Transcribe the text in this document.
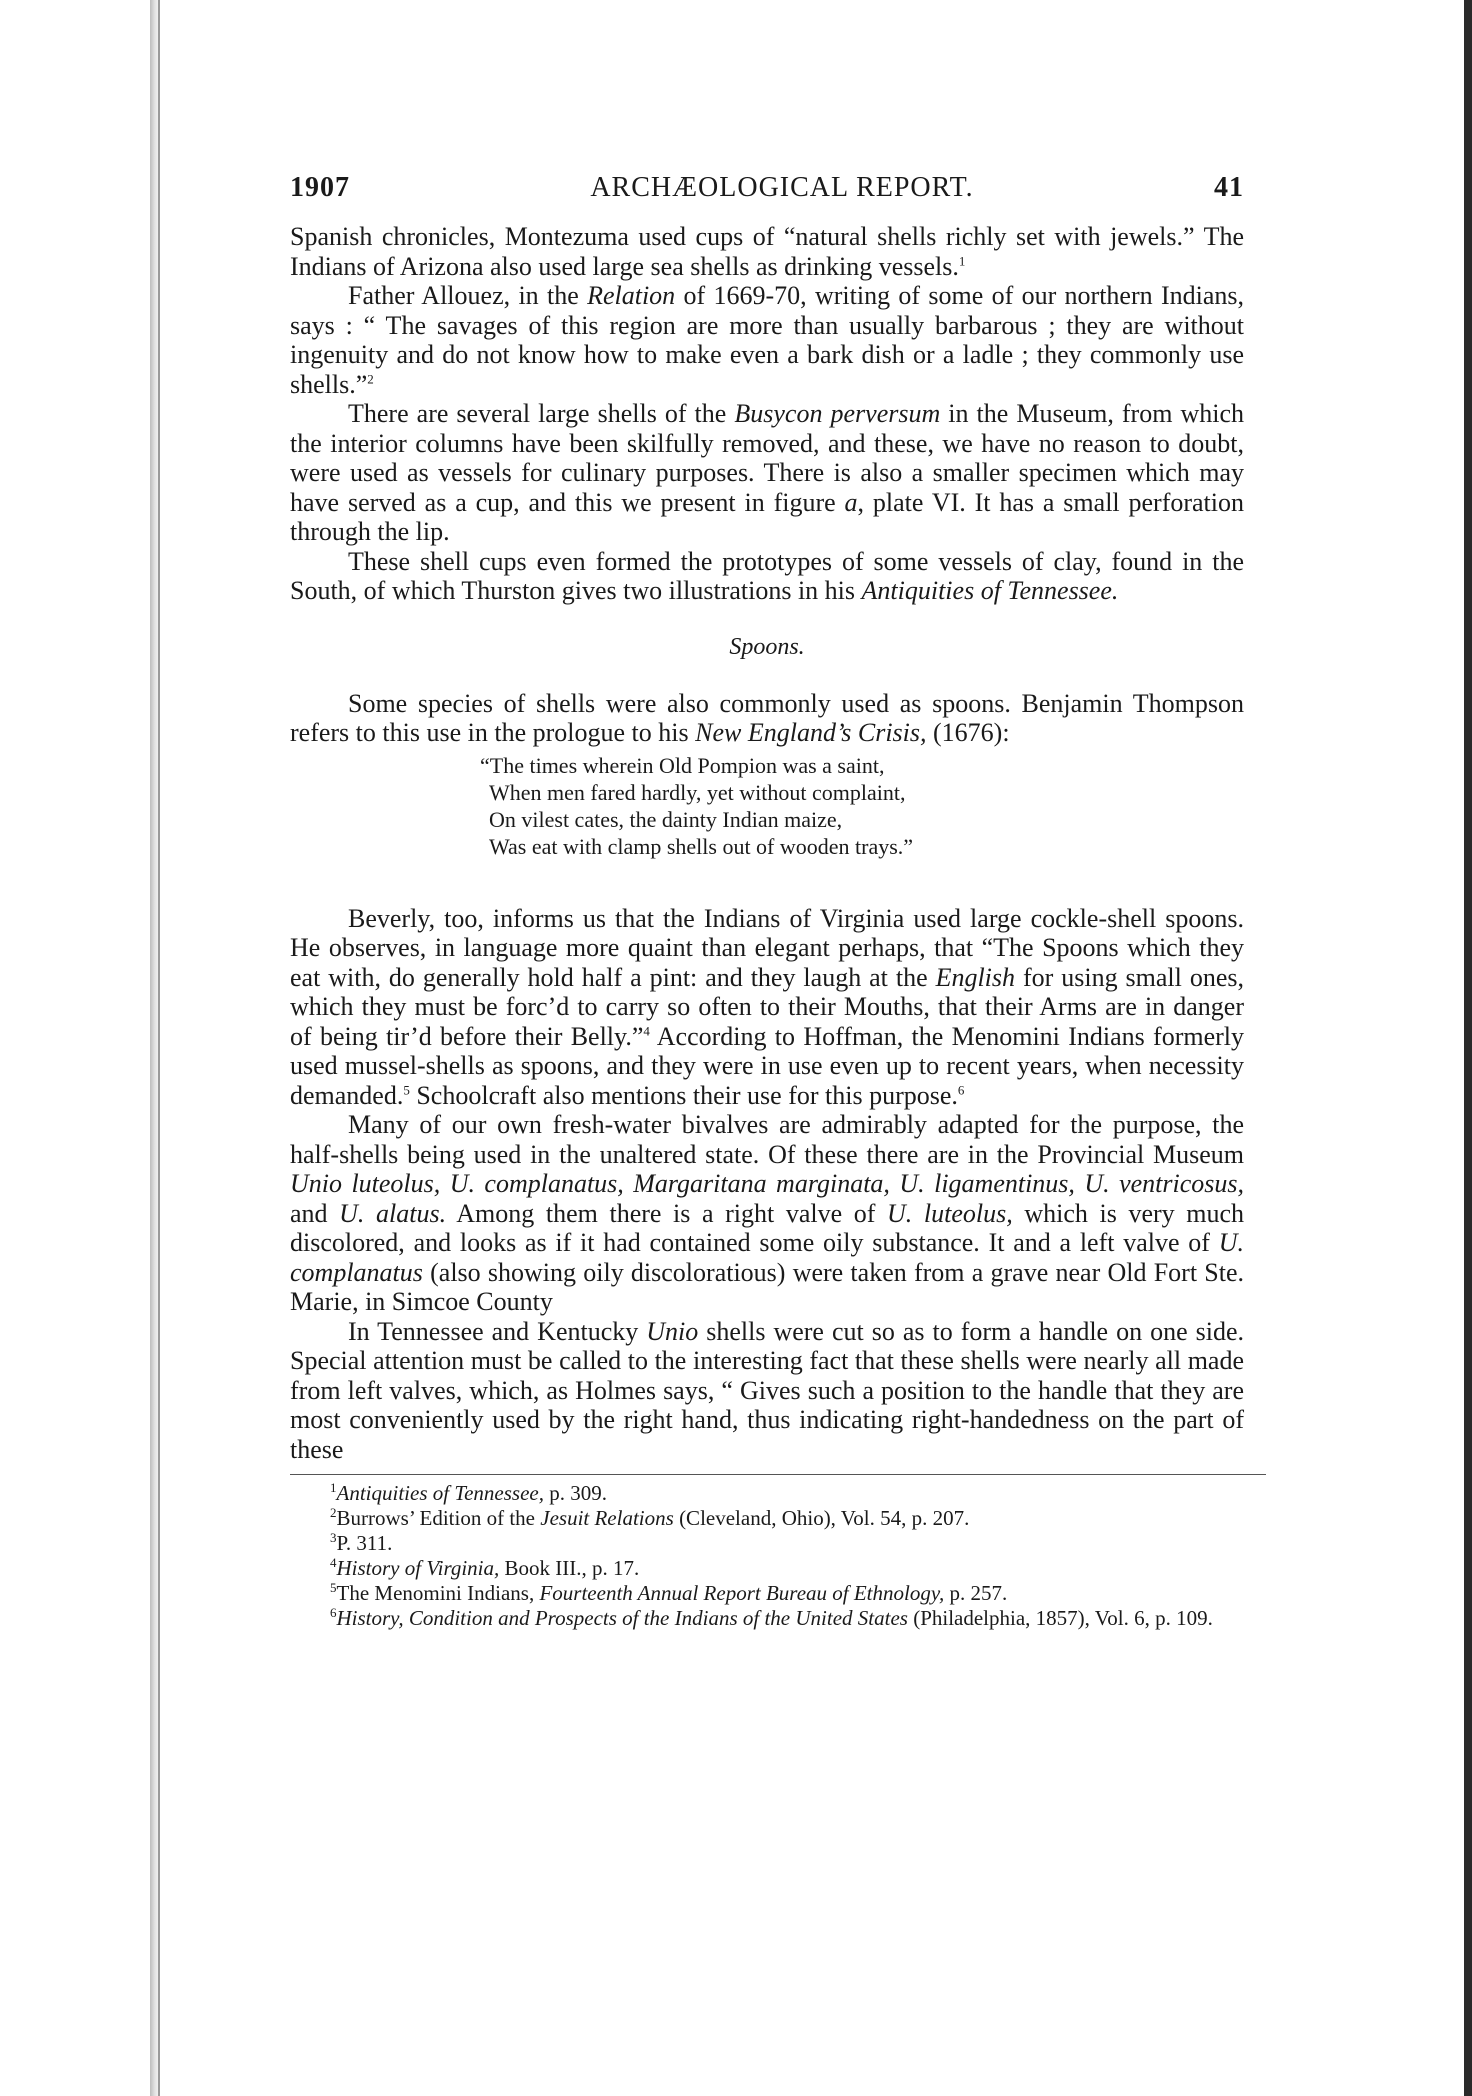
1907	ARCHÆOLOGICAL REPORT.	41

Spanish chronicles, Montezuma used cups of “natural shells richly set with jewels.” The Indians of Arizona also used large sea shells as drinking vessels.$^1$

Father Allouez, in the Relation of 1669-70, writing of some of our northern Indians, says : “ The savages of this region are more than usually barbarous ; they are without ingenuity and do not know how to make even a bark dish or a ladle ; they commonly use shells.”$^2$

There are several large shells of the Busycon perversum in the Museum, from which the interior columns have been skilfully removed, and these, we have no reason to doubt, were used as vessels for culinary purposes. There is also a smaller specimen which may have served as a cup, and this we present in figure a, plate VI. It has a small perforation through the lip.

These shell cups even formed the prototypes of some vessels of clay, found in the South, of which Thurston gives two illustrations in his Antiquities of Tennessee.

Spoons.

Some species of shells were also commonly used as spoons. Benjamin Thompson refers to this use in the prologue to his New England’s Crisis, (1676):

“The times wherein Old Pompion was a saint,
When men fared hardly, yet without complaint,
On vilest cates, the dainty Indian maize,
Was eat with clamp shells out of wooden trays.”

Beverly, too, informs us that the Indians of Virginia used large cockle-shell spoons. He observes, in language more quaint than elegant perhaps, that “The Spoons which they eat with, do generally hold half a pint: and they laugh at the English for using small ones, which they must be forc’d to carry so often to their Mouths, that their Arms are in danger of being tir’d before their Belly.”$^4$ According to Hoffman, the Menomini Indians formerly used mussel-shells as spoons, and they were in use even up to recent years, when necessity demanded.$^5$ Schoolcraft also mentions their use for this purpose.$^6$

Many of our own fresh-water bivalves are admirably adapted for the purpose, the half-shells being used in the unaltered state. Of these there are in the Provincial Museum Unio luteolus, U. complanatus, Margaritana marginata, U. ligamentinus, U. ventricosus, and U. alatus. Among them there is a right valve of U. luteolus, which is very much discolored, and looks as if it had contained some oily substance. It and a left valve of U. complanatus (also showing oily discoloratious) were taken from a grave near Old Fort Ste. Marie, in Simcoe County

In Tennessee and Kentucky Unio shells were cut so as to form a handle on one side. Special attention must be called to the interesting fact that these shells were nearly all made from left valves, which, as Holmes says, “ Gives such a position to the handle that they are most conveniently used by the right hand, thus indicating right-handedness on the part of these

$^1$Antiquities of Tennessee, p. 309.
$^2$Burrows’ Edition of the Jesuit Relations (Cleveland, Ohio), Vol. 54, p. 207.
$^3$P. 311.
$^4$History of Virginia, Book III., p. 17.
$^5$The Menomini Indians, Fourteenth Annual Report Bureau of Ethnology, p. 257.
$^6$History, Condition and Prospects of the Indians of the United States (Philadelphia, 1857), Vol. 6, p. 109.
